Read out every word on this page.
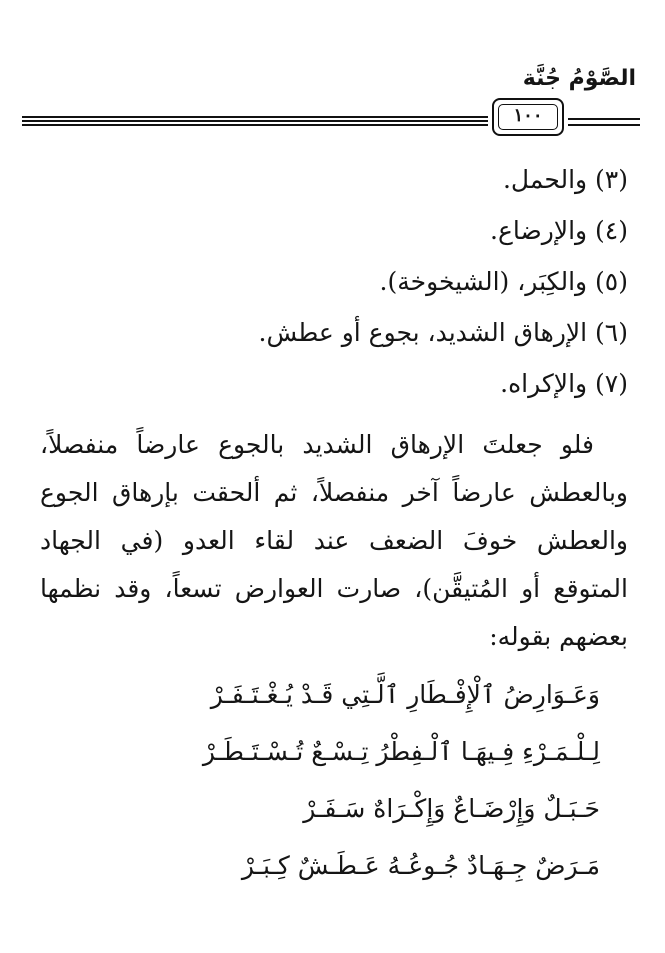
الصَّوْمُ جُنَّة
١٠٠
(٣) والحمل.
(٤) والإرضاع.
(٥) والكِبَر، (الشيخوخة).
(٦) الإرهاق الشديد، بجوع أو عطش.
(٧) والإكراه.
فلو جعلتَ الإرهاق الشديد بالجوع عارضاً منفصلاً، وبالعطش عارضاً آخر منفصلاً، ثم ألحقت بإرهاق الجوع والعطش خوفَ الضعف عند لقاء العدو (في الجهاد المتوقع أو المُتيقَّن)، صارت العوارض تسعاً، وقد نظمها بعضهم بقوله:
وَعَـوَارِضُ ٱلْإِفْـطَارِ ٱلَّـتِي قَـدْ يُـغْـتَـفَـرْ
لِـلْـمَـرْءِ فِـيهَـا ٱلْـفِطْرُ تِـسْـعٌ تُـسْـتَـطَـرْ
حَـبَـلٌ وَإِرْضَـاعٌ وَإِكْـرَاهٌ سَـفَـرْ
مَـرَضٌ جِـهَـادٌ جُـوعُـهُ عَـطَـشٌ كِـبَـرْ
